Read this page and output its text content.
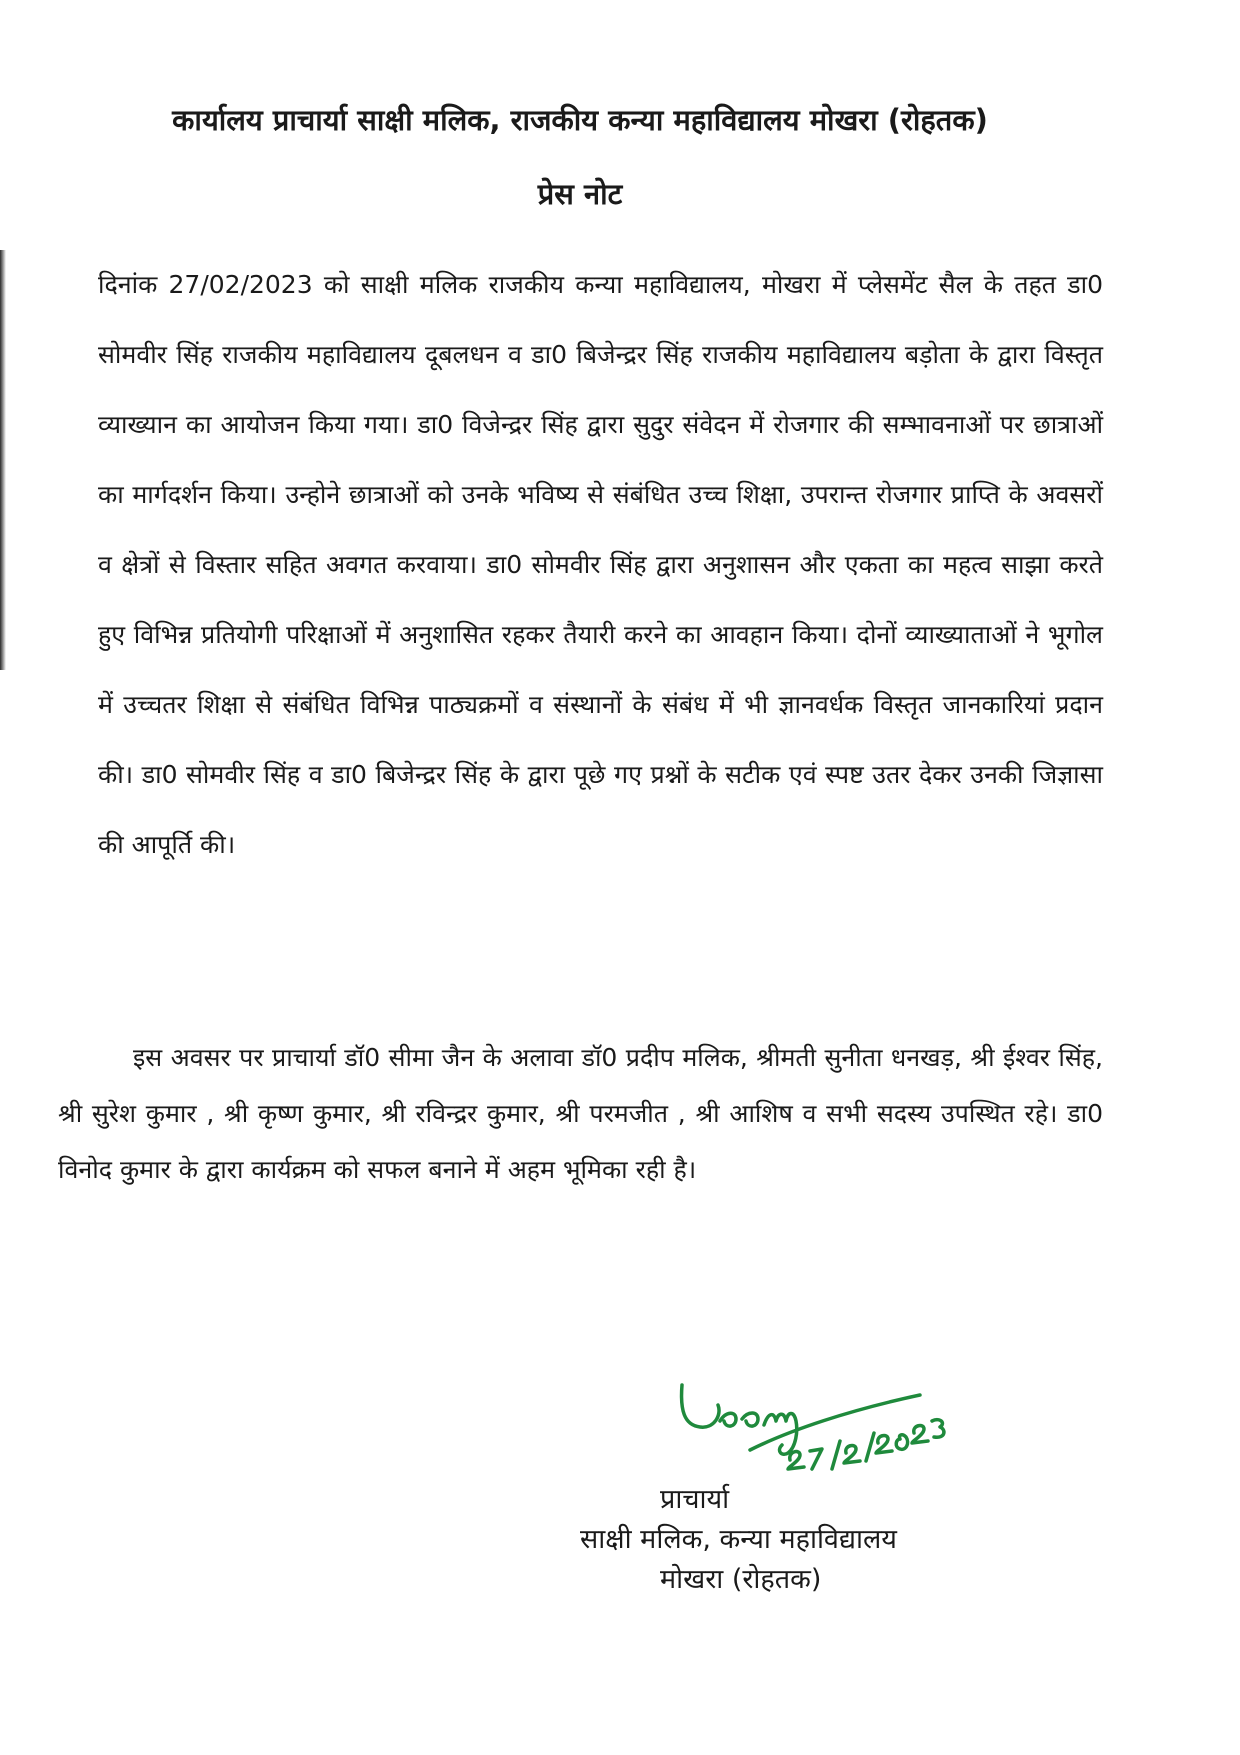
कार्यालय प्राचार्या साक्षी मलिक, राजकीय कन्या महाविद्यालय मोखरा (रोहतक)
प्रेस नोट
दिनांक 27/02/2023 को साक्षी मलिक राजकीय कन्या महाविद्यालय, मोखरा में प्लेसमेंट सैल के तहत डा0 सोमवीर सिंह राजकीय महाविद्यालय दूबलधन व डा0 बिजेन्द्रर सिंह राजकीय महाविद्यालय बड़ोता के द्वारा विस्तृत व्याख्यान का आयोजन किया गया। डा0 विजेन्द्रर सिंह द्वारा सुदुर संवेदन में रोजगार की सम्भावनाओं पर छात्राओं का मार्गदर्शन किया। उन्होने छात्राओं को उनके भविष्य से संबंधित उच्च शिक्षा, उपरान्त रोजगार प्राप्ति के अवसरों व क्षेत्रों से विस्तार सहित अवगत करवाया। डा0 सोमवीर सिंह द्वारा अनुशासन और एकता का महत्व साझा करते हुए विभिन्न प्रतियोगी परिक्षाओं में अनुशासित रहकर तैयारी करने का आवहान किया। दोनों व्याख्याताओं ने भूगोल में उच्चतर शिक्षा से संबंधित विभिन्न पाठ्यक्रमों व संस्थानों के संबंध में भी ज्ञानवर्धक विस्तृत जानकारियां प्रदान की। डा0 सोमवीर सिंह व डा0 बिजेन्द्रर सिंह के द्वारा पूछे गए प्रश्नों के सटीक एवं स्पष्ट उतर देकर उनकी जिज्ञासा की आपूर्ति की।
इस अवसर पर प्राचार्या डॉ0 सीमा जैन के अलावा डॉ0 प्रदीप मलिक, श्रीमती सुनीता धनखड़, श्री ईश्वर सिंह, श्री सुरेश कुमार , श्री कृष्ण कुमार, श्री रविन्द्रर कुमार, श्री परमजीत , श्री आशिष व सभी सदस्य उपस्थित रहे। डा0 विनोद कुमार के द्वारा कार्यक्रम को सफल बनाने में अहम भूमिका रही है।
प्राचार्या
साक्षी मलिक, कन्या महाविद्यालय
मोखरा (रोहतक)
